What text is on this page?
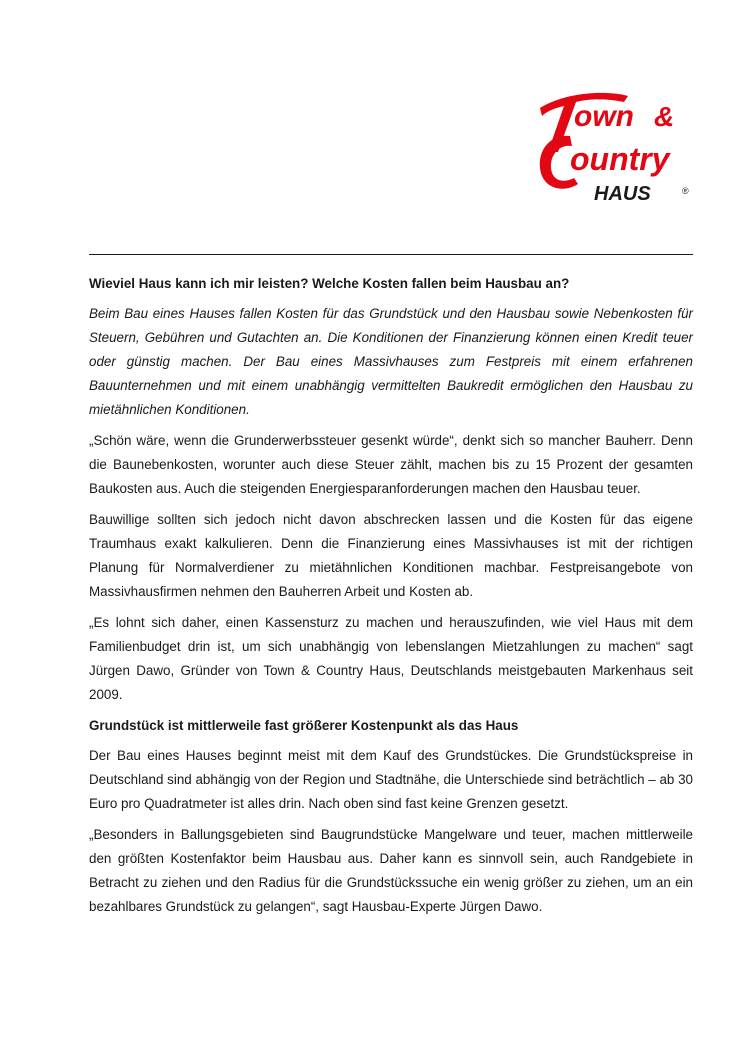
own &
ountry
HAUS	®

Wieviel Haus kann ich mir leisten? Welche Kosten fallen beim Hausbau an?

Beim Bau eines Hauses fallen Kosten für das Grundstück und den Hausbau sowie Nebenkosten für Steuern, Gebühren und Gutachten an. Die Konditionen der Finanzierung können einen Kredit teuer oder günstig machen. Der Bau eines Massivhauses zum Festpreis mit einem erfahrenen Bauunternehmen und mit einem unabhängig vermittelten Baukredit ermöglichen den Hausbau zu mietähnlichen Konditionen.

„Schön wäre, wenn die Grunderwerbssteuer gesenkt würde“, denkt sich so mancher Bauherr. Denn die Baunebenkosten, worunter auch diese Steuer zählt, machen bis zu 15 Prozent der gesamten Baukosten aus. Auch die steigenden Energiesparanforderungen machen den Hausbau teuer.

Bauwillige sollten sich jedoch nicht davon abschrecken lassen und die Kosten für das eigene Traumhaus exakt kalkulieren. Denn die Finanzierung eines Massivhauses ist mit der richtigen Planung für Normalverdiener zu mietähnlichen Konditionen machbar. Festpreisangebote von Massivhausfirmen nehmen den Bauherren Arbeit und Kosten ab.

„Es lohnt sich daher, einen Kassensturz zu machen und herauszufinden, wie viel Haus mit dem Familienbudget drin ist, um sich unabhängig von lebenslangen Mietzahlungen zu machen“ sagt Jürgen Dawo, Gründer von Town & Country Haus, Deutschlands meistgebauten Markenhaus seit 2009.

Grundstück ist mittlerweile fast größerer Kostenpunkt als das Haus

Der Bau eines Hauses beginnt meist mit dem Kauf des Grundstückes. Die Grundstückspreise in Deutschland sind abhängig von der Region und Stadtnähe, die Unterschiede sind beträchtlich – ab 30 Euro pro Quadratmeter ist alles drin. Nach oben sind fast keine Grenzen gesetzt.

„Besonders in Ballungsgebieten sind Baugrundstücke Mangelware und teuer, machen mittlerweile den größten Kostenfaktor beim Hausbau aus. Daher kann es sinnvoll sein, auch Randgebiete in Betracht zu ziehen und den Radius für die Grundstückssuche ein wenig größer zu ziehen, um an ein bezahlbares Grundstück zu gelangen“, sagt Hausbau-Experte Jürgen Dawo.
